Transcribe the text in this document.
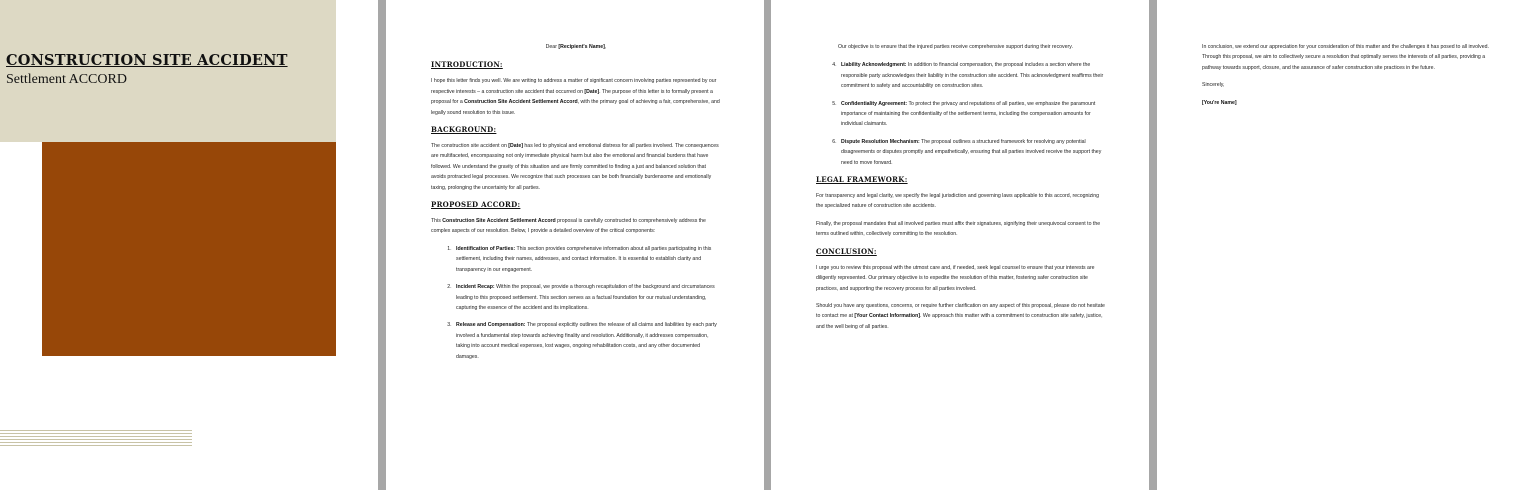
CONSTRUCTION SITE ACCIDENT

Settlement ACCORD

Dear [Recipient's Name],

INTRODUCTION:

I hope this letter finds you well. We are writing to address a matter of significant concern involving parties represented by our respective interests – a construction site accident that occurred on [Date]. The purpose of this letter is to formally present a proposal for a Construction Site Accident Settlement Accord, with the primary goal of achieving a fair, comprehensive, and legally sound resolution to this issue.

BACKGROUND:

The construction site accident on [Date] has led to physical and emotional distress for all parties involved. The consequences are multifaceted, encompassing not only immediate physical harm but also the emotional and financial burdens that have followed. We understand the gravity of this situation and are firmly committed to finding a just and balanced solution that avoids protracted legal processes. We recognize that such processes can be both financially burdensome and emotionally taxing, prolonging the uncertainty for all parties.

PROPOSED ACCORD:

This Construction Site Accident Settlement Accord proposal is carefully constructed to comprehensively address the complex aspects of our resolution. Below, I provide a detailed overview of the critical components:

1. Identification of Parties: This section provides comprehensive information about all parties participating in this settlement, including their names, addresses, and contact information. It is essential to establish clarity and transparency in our engagement.
2. Incident Recap: Within the proposal, we provide a thorough recapitulation of the background and circumstances leading to this proposed settlement. This section serves as a factual foundation for our mutual understanding, capturing the essence of the accident and its implications.
3. Release and Compensation: The proposal explicitly outlines the release of all claims and liabilities by each party involved a fundamental step towards achieving finality and resolution. Additionally, it addresses compensation, taking into account medical expenses, lost wages, ongoing rehabilitation costs, and any other documented damages.

Our objective is to ensure that the injured parties receive comprehensive support during their recovery.

4. Liability Acknowledgment: In addition to financial compensation, the proposal includes a section where the responsible party acknowledges their liability in the construction site accident. This acknowledgment reaffirms their commitment to safety and accountability on construction sites.
5. Confidentiality Agreement: To protect the privacy and reputations of all parties, we emphasize the paramount importance of maintaining the confidentiality of the settlement terms, including the compensation amounts for individual claimants.
6. Dispute Resolution Mechanism: The proposal outlines a structured framework for resolving any potential disagreements or disputes promptly and empathetically, ensuring that all parties involved receive the support they need to move forward.
LEGAL FRAMEWORK:

For transparency and legal clarity, we specify the legal jurisdiction and governing laws applicable to this accord, recognizing the specialized nature of construction site accidents.

Finally, the proposal mandates that all involved parties must affix their signatures, signifying their unequivocal consent to the terms outlined within, collectively committing to the resolution.

CONCLUSION:

I urge you to review this proposal with the utmost care and, if needed, seek legal counsel to ensure that your interests are diligently represented. Our primary objective is to expedite the resolution of this matter, fostering safer construction site practices, and supporting the recovery process for all parties involved.

Should you have any questions, concerns, or require further clarification on any aspect of this proposal, please do not hesitate to contact me at [Your Contact Information]. We approach this matter with a commitment to construction site safety, justice, and the well being of all parties.

In conclusion, we extend our appreciation for your consideration of this matter and the challenges it has posed to all involved. Through this proposal, we aim to collectively secure a resolution that optimally serves the interests of all parties, providing a pathway towards support, closure, and the assurance of safer construction site practices in the future.

Sincerely,

[You're Name]
